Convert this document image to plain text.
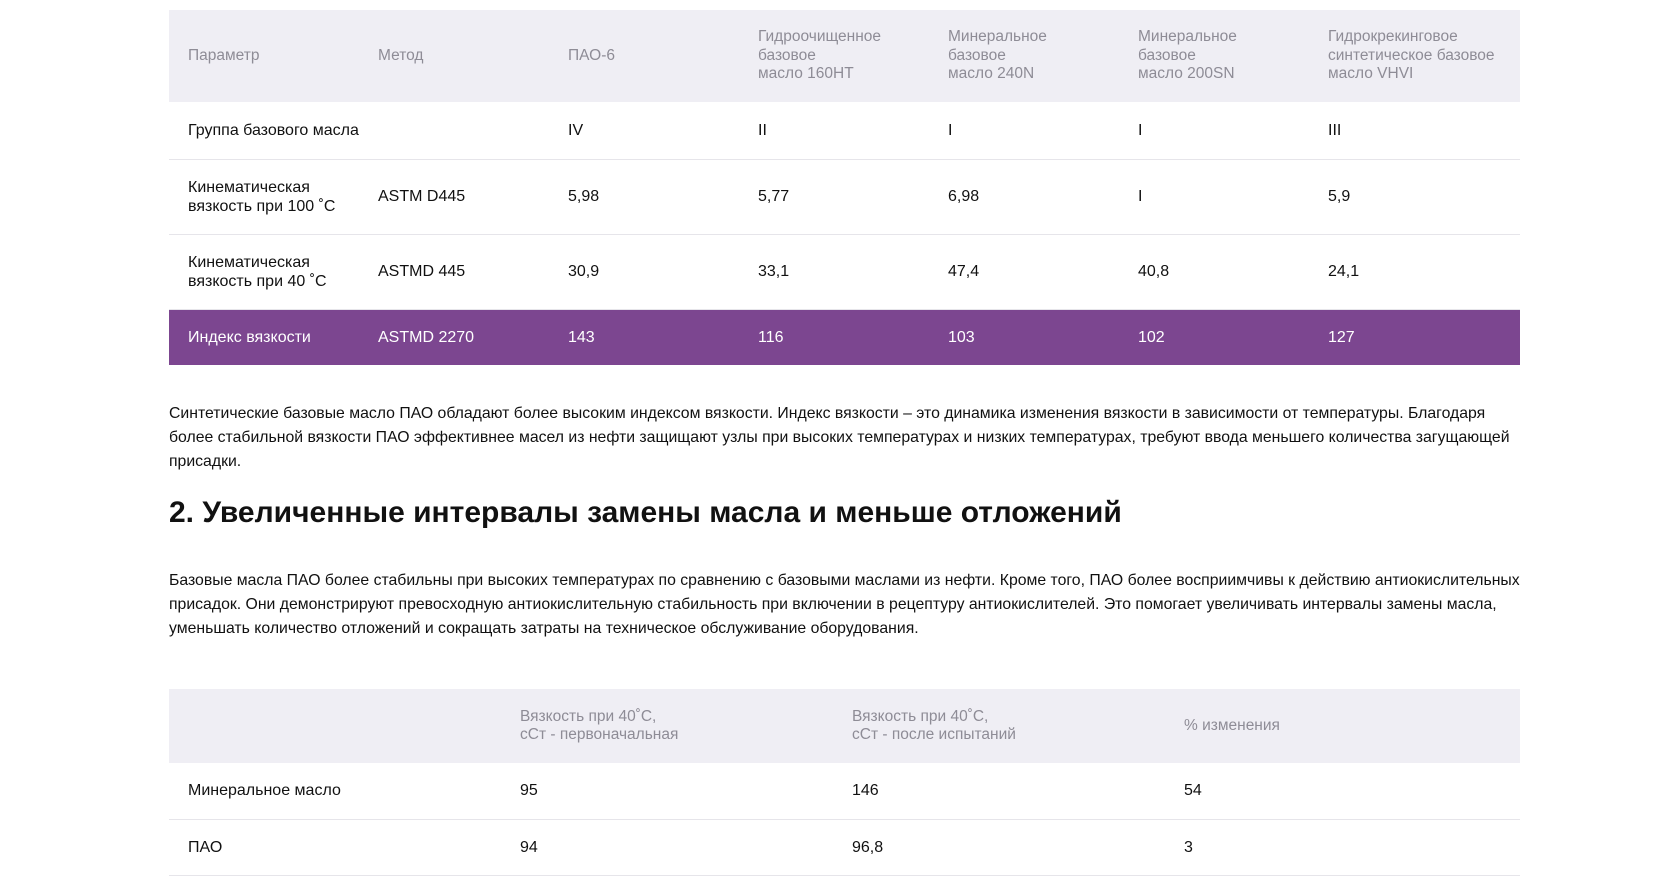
Параметр	Метод	ПАО-6	Гидроочищенное
базовое
масло 160HT	Минеральное
базовое
масло 240N	Минеральное
базовое
масло 200SN	Гидрокрекинговое
синтетическое базовое
масло VHVI
Группа базового масла		IV	II	I	I	III
Кинематическая
вязкость при 100 ˚С	ASTM D445	5,98	5,77	6,98	I	5,9
Кинематическая
вязкость при 40 ˚С	ASTMD 445	30,9	33,1	47,4	40,8	24,1
Индекс вязкости	ASTMD 2270	143	116	103	102	127

Синтетические базовые масло ПАО обладают более высоким индексом вязкости. Индекс вязкости – это динамика изменения вязкости в зависимости от температуры. Благодаря более стабильной вязкости ПАО эффективнее масел из нефти защищают узлы при высоких температурах и низких температурах, требуют ввода меньшего количества загущающей присадки.

2. Увеличенные интервалы замены масла и меньше отложений

Базовые масла ПАО более стабильны при высоких температурах по сравнению с базовыми маслами из нефти. Кроме того, ПАО более восприимчивы к действию антиокислительных присадок. Они демонстрируют превосходную антиокислительную стабильность при включении в рецептуру антиокислителей. Это помогает увеличивать интервалы замены масла, уменьшать количество отложений и сокращать затраты на техническое обслуживание оборудования.

	Вязкость при 40˚С,
сСт - первоначальная	Вязкость при 40˚С,
сСт - после испытаний	% изменения
Минеральное масло	95	146	54
ПАО	94	96,8	3
